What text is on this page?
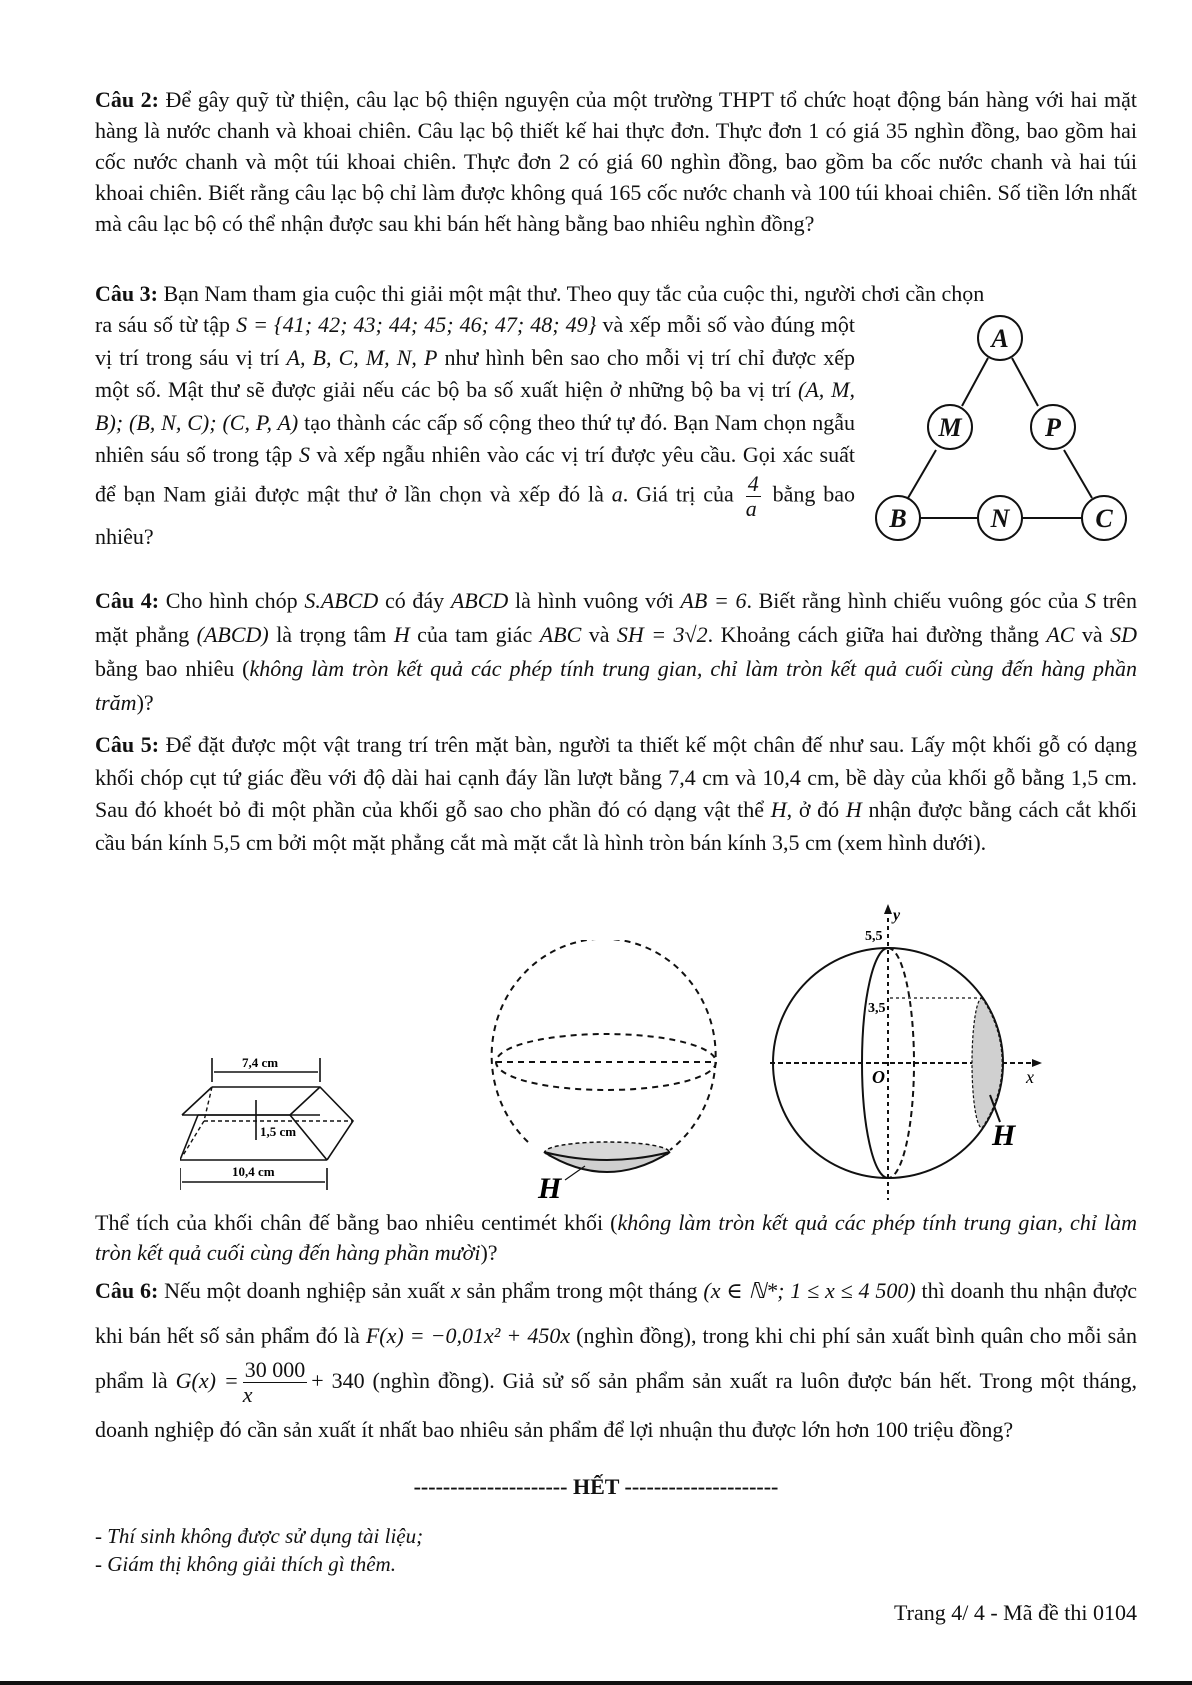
Câu 2: Để gây quỹ từ thiện, câu lạc bộ thiện nguyện của một trường THPT tổ chức hoạt động bán hàng với hai mặt hàng là nước chanh và khoai chiên. Câu lạc bộ thiết kế hai thực đơn. Thực đơn 1 có giá 35 nghìn đồng, bao gồm hai cốc nước chanh và một túi khoai chiên. Thực đơn 2 có giá 60 nghìn đồng, bao gồm ba cốc nước chanh và hai túi khoai chiên. Biết rằng câu lạc bộ chỉ làm được không quá 165 cốc nước chanh và 100 túi khoai chiên. Số tiền lớn nhất mà câu lạc bộ có thể nhận được sau khi bán hết hàng bằng bao nhiêu nghìn đồng?
Câu 3: Bạn Nam tham gia cuộc thi giải một mật thư. Theo quy tắc của cuộc thi, người chơi cần chọn
ra sáu số từ tập S = {41; 42; 43; 44; 45; 46; 47; 48; 49} và xếp mỗi số vào đúng một vị trí trong sáu vị trí A, B, C, M, N, P như hình bên sao cho mỗi vị trí chỉ được xếp một số. Mật thư sẽ được giải nếu các bộ ba số xuất hiện ở những bộ ba vị trí (A, M, B); (B, N, C); (C, P, A) tạo thành các cấp số cộng theo thứ tự đó. Bạn Nam chọn ngẫu nhiên sáu số trong tập S và xếp ngẫu nhiên vào các vị trí được yêu cầu. Gọi xác suất để bạn Nam giải được mật thư ở lần chọn và xếp đó là a. Giá trị của $\frac{4}{a}$ bằng bao nhiêu?
A
M	P
B	N	C
Câu 4: Cho hình chóp S.ABCD có đáy ABCD là hình vuông với AB = 6. Biết rằng hình chiếu vuông góc của S trên mặt phẳng (ABCD) là trọng tâm H của tam giác ABC và SH = 3√2. Khoảng cách giữa hai đường thẳng AC và SD bằng bao nhiêu (không làm tròn kết quả các phép tính trung gian, chỉ làm tròn kết quả cuối cùng đến hàng phần trăm)?
Câu 5: Để đặt được một vật trang trí trên mặt bàn, người ta thiết kế một chân đế như sau. Lấy một khối gỗ có dạng khối chóp cụt tứ giác đều với độ dài hai cạnh đáy lần lượt bằng 7,4 cm và 10,4 cm, bề dày của khối gỗ bằng 1,5 cm. Sau đó khoét bỏ đi một phần của khối gỗ sao cho phần đó có dạng vật thể H, ở đó H nhận được bằng cách cắt khối cầu bán kính 5,5 cm bởi một mặt phẳng cắt mà mặt cắt là hình tròn bán kính 3,5 cm (xem hình dưới).
7,4 cm
1,5 cm
10,4 cm
H
y
5,5
3,5
O	x
H
Thể tích của khối chân đế bằng bao nhiêu centimét khối (không làm tròn kết quả các phép tính trung gian, chỉ làm tròn kết quả cuối cùng đến hàng phần mười)?
Câu 6: Nếu một doanh nghiệp sản xuất x sản phẩm trong một tháng (x ∈ ℕ*; 1 ≤ x ≤ 4 500) thì doanh thu nhận được khi bán hết số sản phẩm đó là F(x) = −0,01x² + 450x (nghìn đồng), trong khi chi phí sản xuất bình quân cho mỗi sản phẩm là $G(x) = \frac{30 000}{x} + 340$ (nghìn đồng). Giả sử số sản phẩm sản xuất ra luôn được bán hết. Trong một tháng, doanh nghiệp đó cần sản xuất ít nhất bao nhiêu sản phẩm để lợi nhuận thu được lớn hơn 100 triệu đồng?
--------------------- HẾT ---------------------
- Thí sinh không được sử dụng tài liệu;
- Giám thị không giải thích gì thêm.
Trang 4/ 4 - Mã đề thi 0104
